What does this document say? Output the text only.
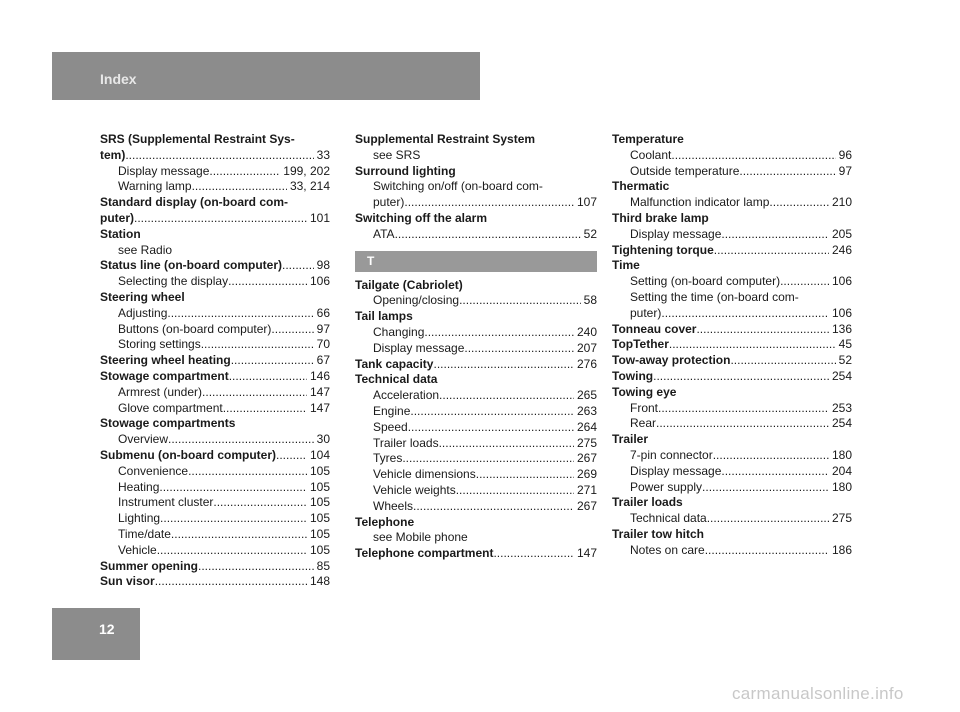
Index
SRS (Supplemental Restraint Sys-
tem) .....	33
Display message .....	199, 202
Warning lamp .....	33, 214
Standard display (on-board com-
puter) .....	101
Station
see Radio
Status line (on-board computer) .....	98
Selecting the display .....	106
Steering wheel
Adjusting .....	66
Buttons (on-board computer) .....	97
Storing settings .....	70
Steering wheel heating .....	67
Stowage compartment .....	146
Armrest (under) .....	147
Glove compartment .....	147
Stowage compartments
Overview .....	30
Submenu (on-board computer) .....	104
Convenience .....	105
Heating .....	105
Instrument cluster .....	105
Lighting .....	105
Time/date .....	105
Vehicle .....	105
Summer opening .....	85
Sun visor .....	148
Supplemental Restraint System
see SRS
Surround lighting
Switching on/off (on-board com-
puter) .....	107
Switching off the alarm
ATA .....	52
T
Tailgate (Cabriolet)
Opening/closing .....	58
Tail lamps
Changing .....	240
Display message .....	207
Tank capacity .....	276
Technical data
Acceleration .....	265
Engine .....	263
Speed .....	264
Trailer loads .....	275
Tyres .....	267
Vehicle dimensions .....	269
Vehicle weights .....	271
Wheels .....	267
Telephone
see Mobile phone
Telephone compartment .....	147
Temperature
Coolant .....	96
Outside temperature .....	97
Thermatic
Malfunction indicator lamp .....	210
Third brake lamp
Display message .....	205
Tightening torque .....	246
Time
Setting (on-board computer) .....	106
Setting the time (on-board com-
puter) .....	106
Tonneau cover .....	136
TopTether .....	45
Tow-away protection .....	52
Towing .....	254
Towing eye
Front .....	253
Rear .....	254
Trailer
7-pin connector .....	180
Display message .....	204
Power supply .....	180
Trailer loads
Technical data .....	275
Trailer tow hitch
Notes on care .....	186
12
carmanualsonline.info
